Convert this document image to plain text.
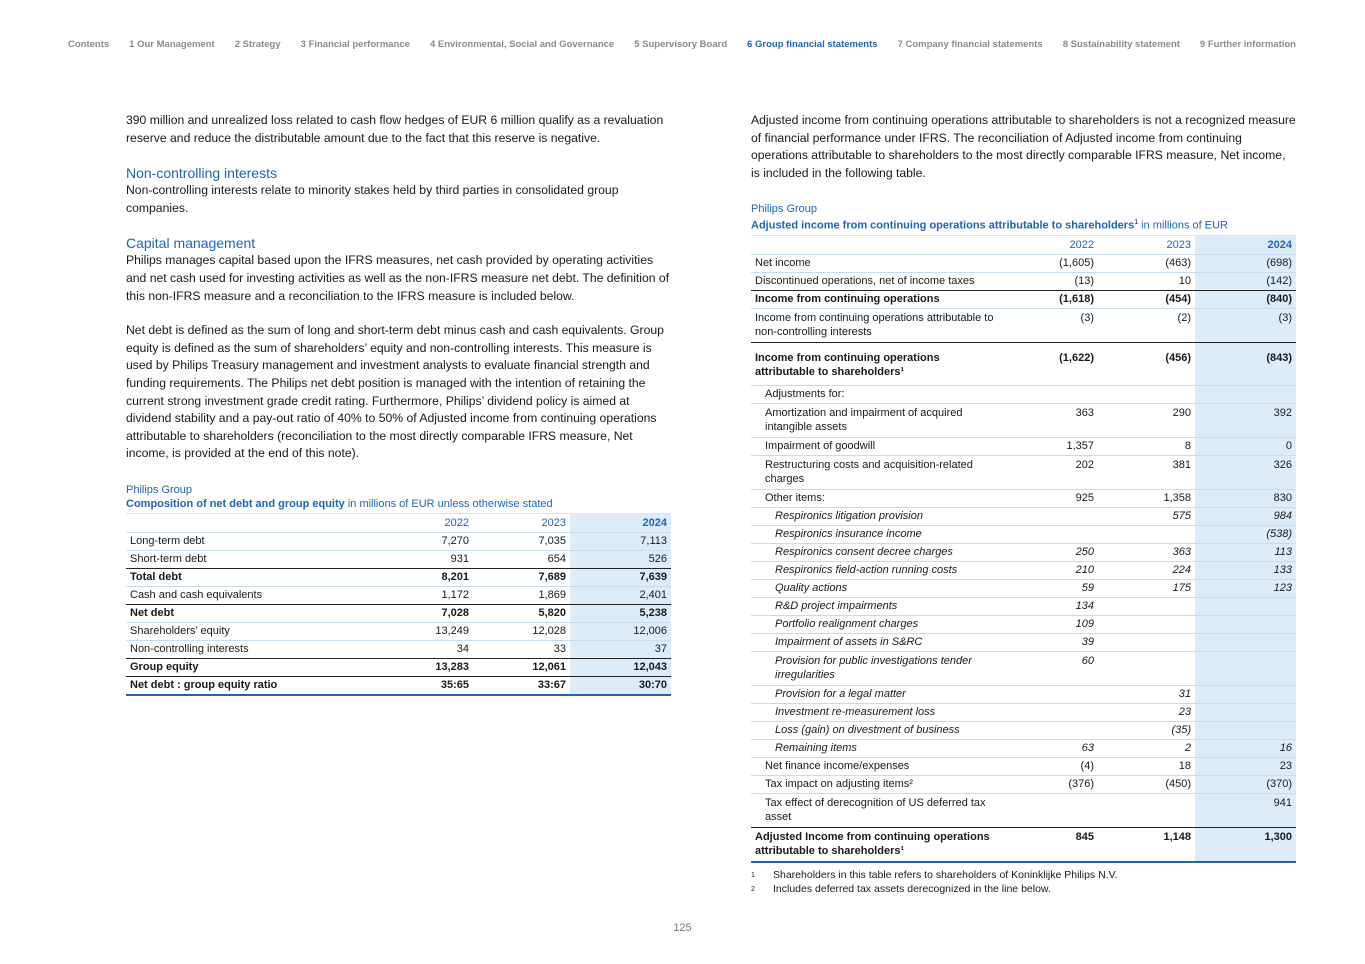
Contents 1 Our Management 2 Strategy 3 Financial performance 4 Environmental, Social and Governance 5 Supervisory Board 6 Group financial statements 7 Company financial statements 8 Sustainability statement 9 Further information

390 million and unrealized loss related to cash flow hedges of EUR 6 million qualify as a revaluation reserve and reduce the distributable amount due to the fact that this reserve is negative.

Non-controlling interests

Non-controlling interests relate to minority stakes held by third parties in consolidated group companies.

Capital management

Philips manages capital based upon the IFRS measures, net cash provided by operating activities and net cash used for investing activities as well as the non-IFRS measure net debt. The definition of this non-IFRS measure and a reconciliation to the IFRS measure is included below.

Net debt is defined as the sum of long and short-term debt minus cash and cash equivalents. Group equity is defined as the sum of shareholders’ equity and non-controlling interests. This measure is used by Philips Treasury management and investment analysts to evaluate financial strength and funding requirements. The Philips net debt position is managed with the intention of retaining the current strong investment grade credit rating. Furthermore, Philips’ dividend policy is aimed at dividend stability and a pay-out ratio of 40% to 50% of Adjusted income from continuing operations attributable to shareholders (reconciliation to the most directly comparable IFRS measure, Net income, is provided at the end of this note).

Philips Group
Composition of net debt and group equity in millions of EUR unless otherwise stated
	2022	2023	2024
Long-term debt	7,270	7,035	7,113
Short-term debt	931	654	526
Total debt	8,201	7,689	7,639
Cash and cash equivalents	1,172	1,869	2,401
Net debt	7,028	5,820	5,238
Shareholders’ equity	13,249	12,028	12,006
Non-controlling interests	34	33	37
Group equity	13,283	12,061	12,043
Net debt : group equity ratio	35:65	33:67	30:70

Adjusted income from continuing operations attributable to shareholders is not a recognized measure of financial performance under IFRS. The reconciliation of Adjusted income from continuing operations attributable to shareholders to the most directly comparable IFRS measure, Net income, is included in the following table.

Philips Group
Adjusted income from continuing operations attributable to shareholders$^1$ in millions of EUR
	2022	2023	2024
Net income	(1,605)	(463)	(698)
Discontinued operations, net of income taxes	(13)	10	(142)
Income from continuing operations	(1,618)	(454)	(840)
Income from continuing operations attributable to non-controlling interests	(3)	(2)	(3)
Income from continuing operations attributable to shareholders¹	(1,622)	(456)	(843)
Adjustments for:			
Amortization and impairment of acquired intangible assets	363	290	392
Impairment of goodwill	1,357	8	0
Restructuring costs and acquisition-related charges	202	381	326
Other items:	925	1,358	830
Respironics litigation provision		575	984
Respironics insurance income			(538)
Respironics consent decree charges	250	363	113
Respironics field-action running costs	210	224	133
Quality actions	59	175	123
R&D project impairments	134		
Portfolio realignment charges	109		
Impairment of assets in S&RC	39		
Provision for public investigations tender irregularities	60		
Provision for a legal matter		31	
Investment re-measurement loss		23	
Loss (gain) on divestment of business		(35)	
Remaining items	63	2	16
Net finance income/expenses	(4)	18	23
Tax impact on adjusting items²	(376)	(450)	(370)
Tax effect of derecognition of US deferred tax asset			941
Adjusted Income from continuing operations attributable to shareholders¹	845	1,148	1,300
1	Shareholders in this table refers to shareholders of Koninklijke Philips N.V.
2	Includes deferred tax assets derecognized in the line below.
125
